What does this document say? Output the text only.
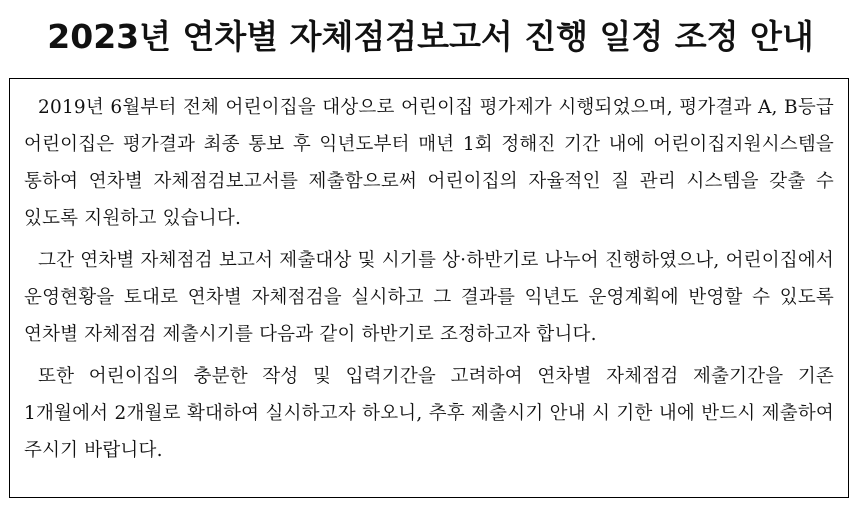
2023년 연차별 자체점검보고서 진행 일정 조정 안내

2019년 6월부터 전체 어린이집을 대상으로 어린이집 평가제가 시행되었으며, 평가결과 A, B등급 어린이집은 평가결과 최종 통보 후 익년도부터 매년 1회 정해진 기간 내에 어린이집지원시스템을 통하여 연차별 자체점검보고서를 제출함으로써 어린이집의 자율적인 질 관리 시스템을 갖출 수 있도록 지원하고 있습니다.

그간 연차별 자체점검 보고서 제출대상 및 시기를 상·하반기로 나누어 진행하였으나, 어린이집에서 운영현황을 토대로 연차별 자체점검을 실시하고 그 결과를 익년도 운영계획에 반영할 수 있도록 연차별 자체점검 제출시기를 다음과 같이 하반기로 조정하고자 합니다.

또한 어린이집의 충분한 작성 및 입력기간을 고려하여 연차별 자체점검 제출기간을 기존 1개월에서 2개월로 확대하여 실시하고자 하오니, 추후 제출시기 안내 시 기한 내에 반드시 제출하여 주시기 바랍니다.
